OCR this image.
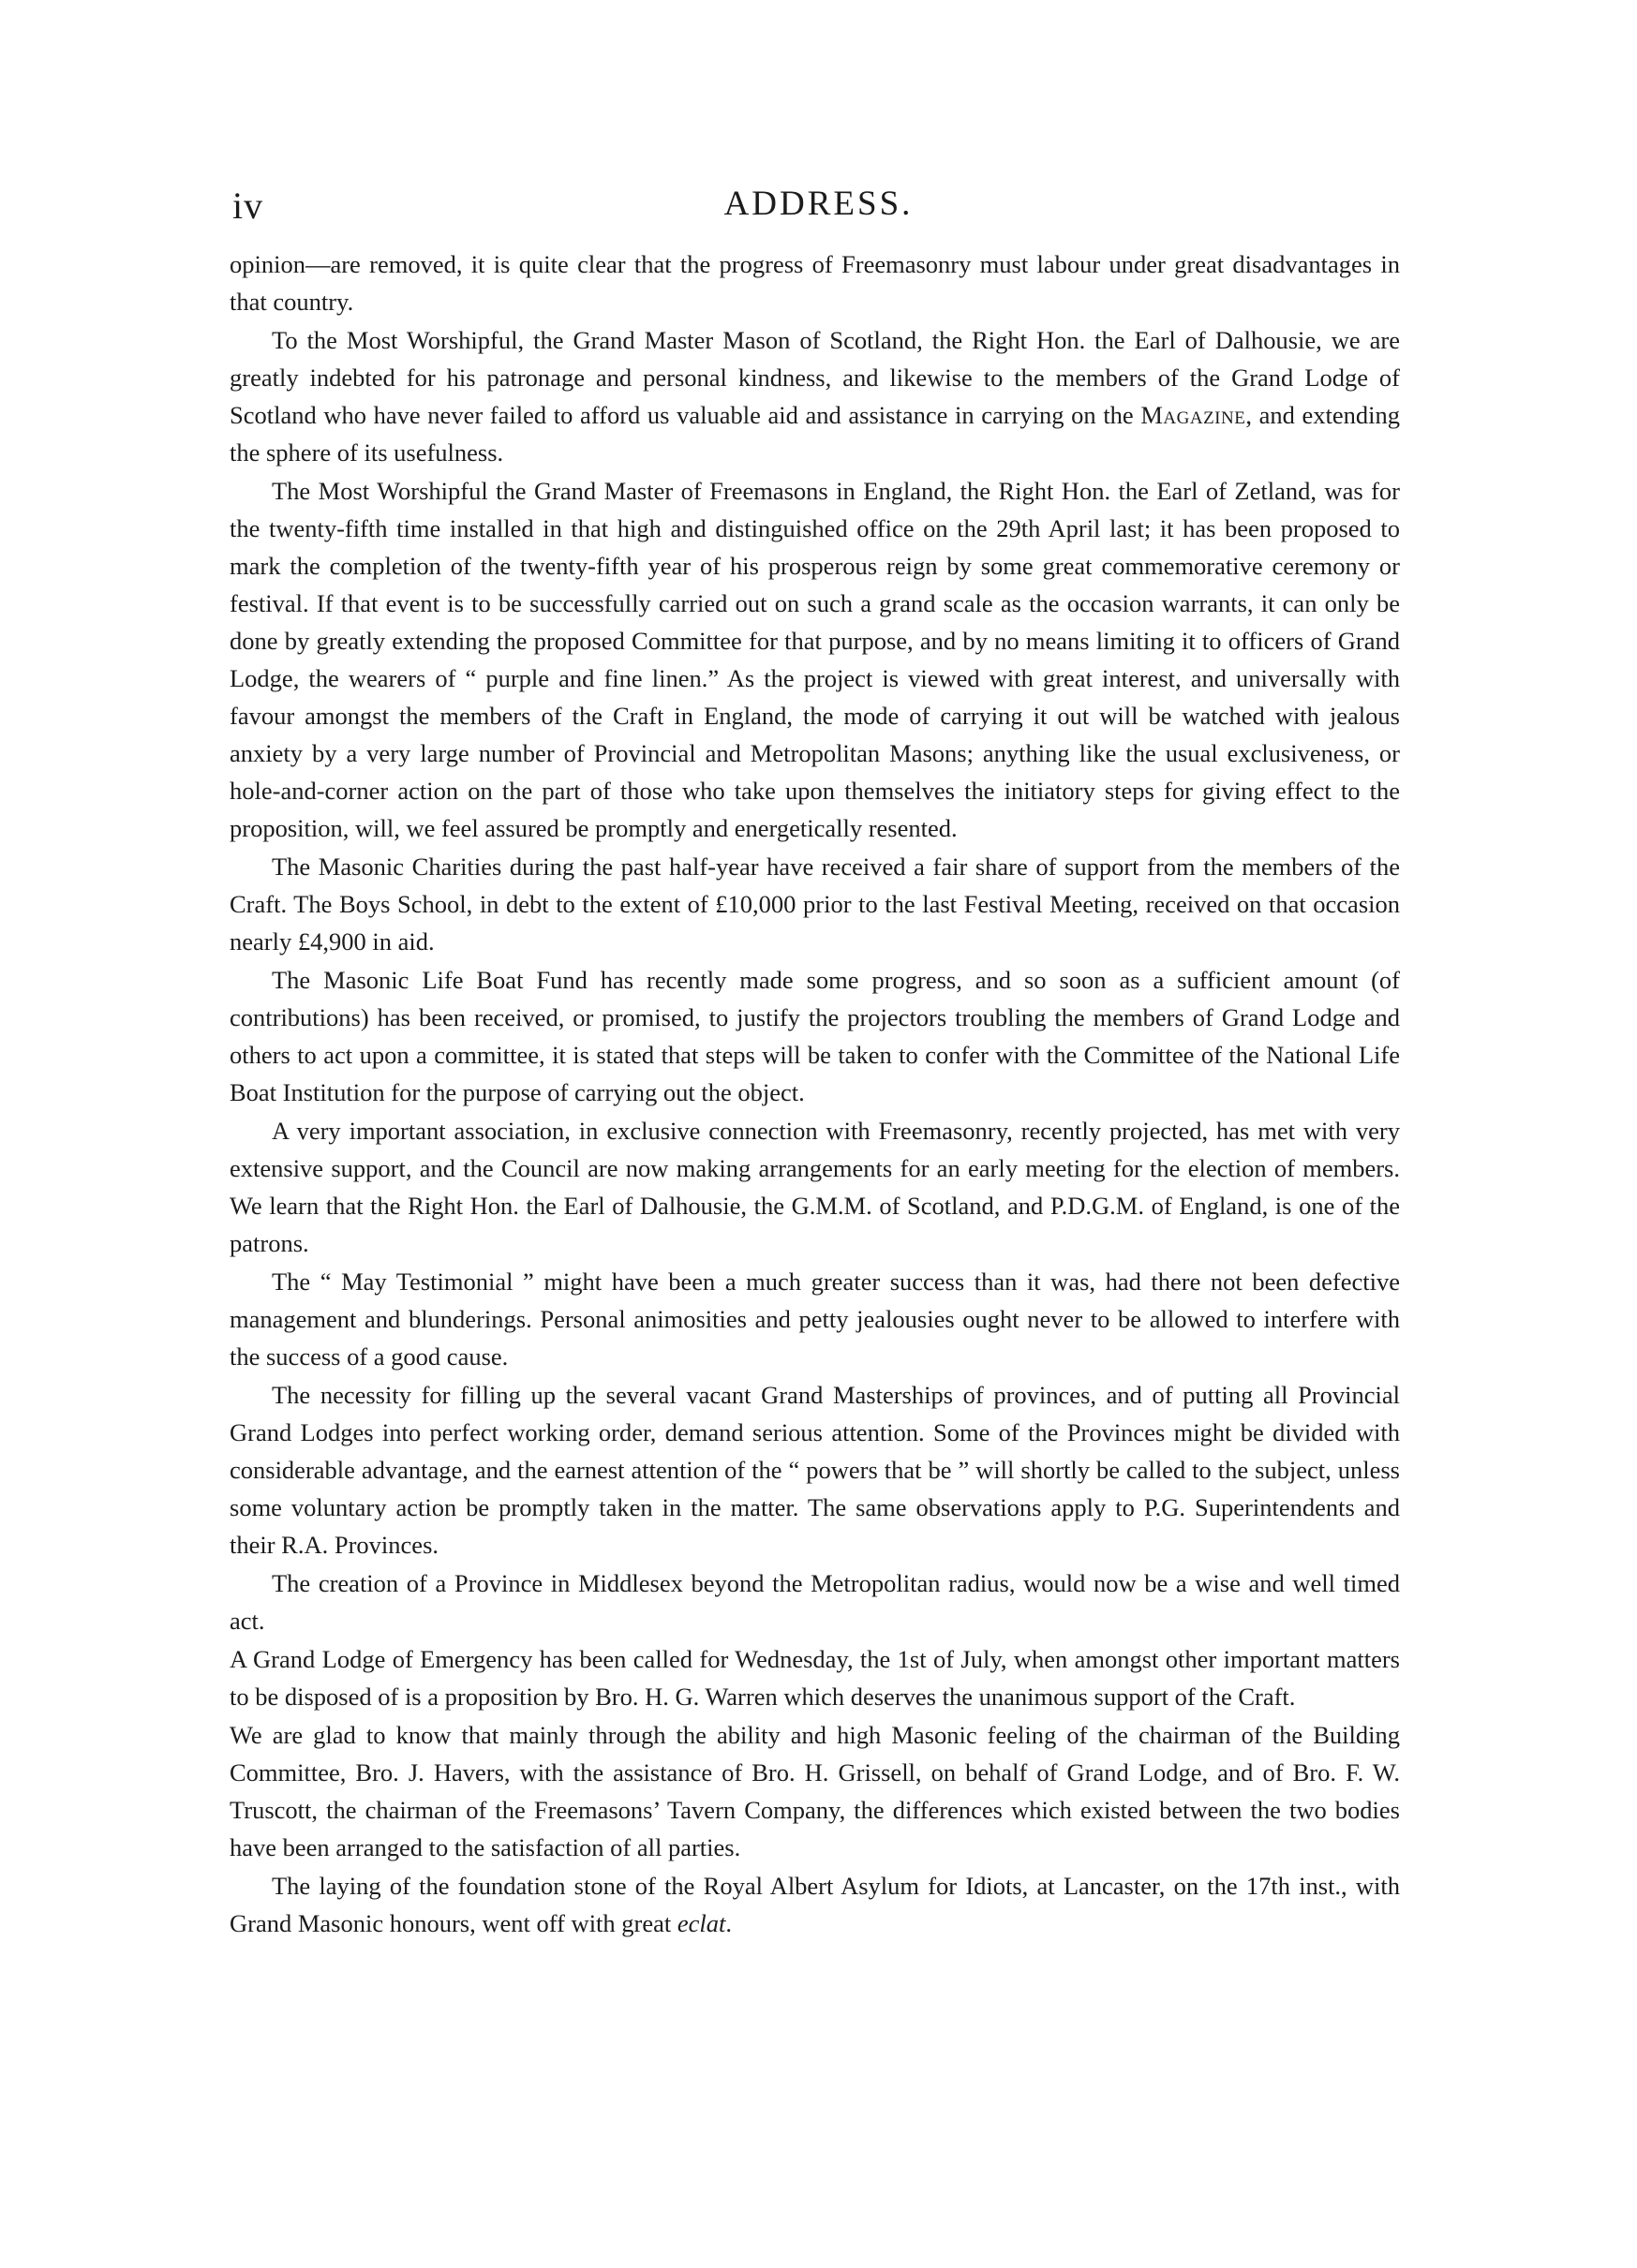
iv	ADDRESS.

opinion—are removed, it is quite clear that the progress of Freemasonry must labour under great disadvantages in that country.

To the Most Worshipful, the Grand Master Mason of Scotland, the Right Hon. the Earl of Dalhousie, we are greatly indebted for his patronage and personal kindness, and likewise to the members of the Grand Lodge of Scotland who have never failed to afford us valuable aid and assistance in carrying on the Magazine, and extending the sphere of its usefulness.

The Most Worshipful the Grand Master of Freemasons in England, the Right Hon. the Earl of Zetland, was for the twenty-fifth time installed in that high and distinguished office on the 29th April last; it has been proposed to mark the completion of the twenty-fifth year of his prosperous reign by some great commemorative ceremony or festival. If that event is to be successfully carried out on such a grand scale as the occasion warrants, it can only be done by greatly extending the proposed Committee for that purpose, and by no means limiting it to officers of Grand Lodge, the wearers of “ purple and fine linen.” As the project is viewed with great interest, and universally with favour amongst the members of the Craft in England, the mode of carrying it out will be watched with jealous anxiety by a very large number of Provincial and Metropolitan Masons; anything like the usual exclusiveness, or hole-and-corner action on the part of those who take upon themselves the initiatory steps for giving effect to the proposition, will, we feel assured be promptly and energetically resented.

The Masonic Charities during the past half-year have received a fair share of support from the members of the Craft. The Boys School, in debt to the extent of £10,000 prior to the last Festival Meeting, received on that occasion nearly £4,900 in aid.

The Masonic Life Boat Fund has recently made some progress, and so soon as a sufficient amount (of contributions) has been received, or promised, to justify the projectors troubling the members of Grand Lodge and others to act upon a committee, it is stated that steps will be taken to confer with the Committee of the National Life Boat Institution for the purpose of carrying out the object.

A very important association, in exclusive connection with Freemasonry, recently projected, has met with very extensive support, and the Council are now making arrangements for an early meeting for the election of members. We learn that the Right Hon. the Earl of Dalhousie, the G.M.M. of Scotland, and P.D.G.M. of England, is one of the patrons.

The “ May Testimonial ” might have been a much greater success than it was, had there not been defective management and blunderings. Personal animosities and petty jealousies ought never to be allowed to interfere with the success of a good cause.

The necessity for filling up the several vacant Grand Masterships of provinces, and of putting all Provincial Grand Lodges into perfect working order, demand serious attention. Some of the Provinces might be divided with considerable advantage, and the earnest attention of the “ powers that be ” will shortly be called to the subject, unless some voluntary action be promptly taken in the matter. The same observations apply to P.G. Superintendents and their R.A. Provinces.

The creation of a Province in Middlesex beyond the Metropolitan radius, would now be a wise and well timed act.

A Grand Lodge of Emergency has been called for Wednesday, the 1st of July, when amongst other important matters to be disposed of is a proposition by Bro. H. G. Warren which deserves the unanimous support of the Craft.

We are glad to know that mainly through the ability and high Masonic feeling of the chairman of the Building Committee, Bro. J. Havers, with the assistance of Bro. H. Grissell, on behalf of Grand Lodge, and of Bro. F. W. Truscott, the chairman of the Freemasons’ Tavern Company, the differences which existed between the two bodies have been arranged to the satisfaction of all parties.

The laying of the foundation stone of the Royal Albert Asylum for Idiots, at Lancaster, on the 17th inst., with Grand Masonic honours, went off with great eclat.
